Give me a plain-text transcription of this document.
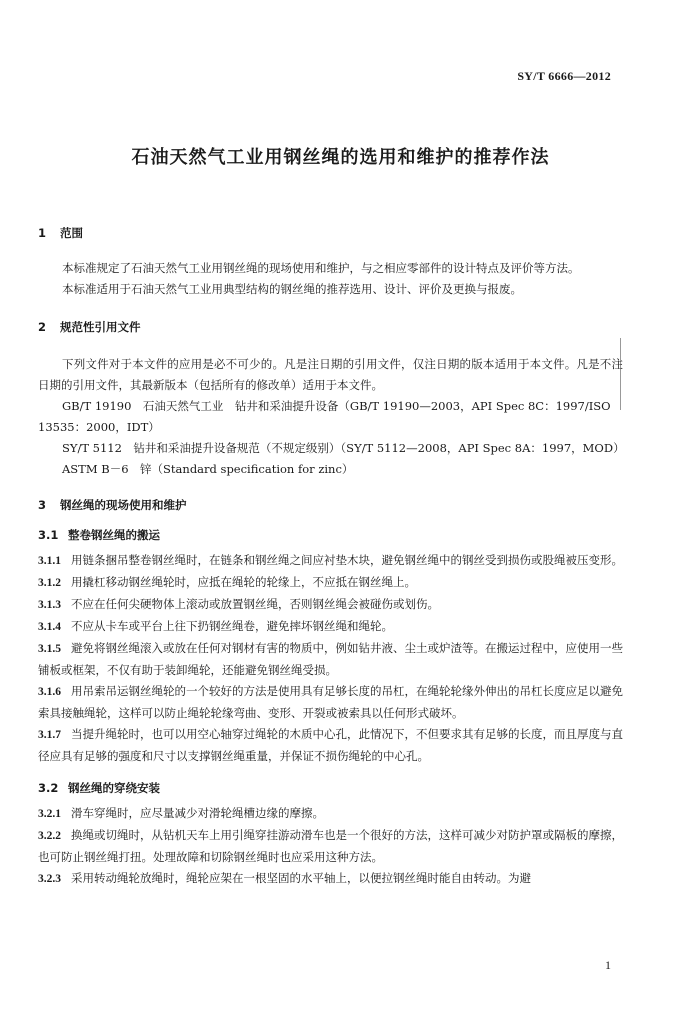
SY/T 6666—2012
石油天然气工业用钢丝绳的选用和维护的推荐作法
1 范围

本标准规定了石油天然气工业用钢丝绳的现场使用和维护，与之相应零部件的设计特点及评价等方法。

本标准适用于石油天然气工业用典型结构的钢丝绳的推荐选用、设计、评价及更换与报废。

2 规范性引用文件

下列文件对于本文件的应用是必不可少的。凡是注日期的引用文件，仅注日期的版本适用于本文件。凡是不注日期的引用文件，其最新版本（包括所有的修改单）适用于本文件。

GB/T 19190　石油天然气工业　钻井和采油提升设备（GB/T 19190—2003，API Spec 8C：1997/ISO 13535：2000，IDT）

SY/T 5112　钻井和采油提升设备规范（不规定级别）（SY/T 5112—2008，API Spec 8A：1997，MOD）

ASTM B－6　锌（Standard specification for zinc）

3 钢丝绳的现场使用和维护
3.1 整卷钢丝绳的搬运

3.1.1 用链条捆吊整卷钢丝绳时，在链条和钢丝绳之间应衬垫木块，避免钢丝绳中的钢丝受到损伤或股绳被压变形。

3.1.2 用撬杠移动钢丝绳轮时，应抵在绳轮的轮缘上，不应抵在钢丝绳上。

3.1.3 不应在任何尖硬物体上滚动或放置钢丝绳，否则钢丝绳会被碰伤或划伤。

3.1.4 不应从卡车或平台上往下扔钢丝绳卷，避免摔坏钢丝绳和绳轮。

3.1.5 避免将钢丝绳滚入或放在任何对钢材有害的物质中，例如钻井液、尘土或炉渣等。在搬运过程中，应使用一些铺板或框架，不仅有助于装卸绳轮，还能避免钢丝绳受损。

3.1.6 用吊索吊运钢丝绳轮的一个较好的方法是使用具有足够长度的吊杠，在绳轮轮缘外伸出的吊杠长度应足以避免索具接触绳轮，这样可以防止绳轮轮缘弯曲、变形、开裂或被索具以任何形式破坏。

3.1.7 当提升绳轮时，也可以用空心轴穿过绳轮的木质中心孔，此情况下，不但要求其有足够的长度，而且厚度与直径应具有足够的强度和尺寸以支撑钢丝绳重量，并保证不损伤绳轮的中心孔。

3.2 钢丝绳的穿绕安装

3.2.1 滑车穿绳时，应尽量减少对滑轮绳槽边缘的摩擦。

3.2.2 换绳或切绳时，从钻机天车上用引绳穿挂游动滑车也是一个很好的方法，这样可减少对防护罩或隔板的摩擦，也可防止钢丝绳打扭。处理故障和切除钢丝绳时也应采用这种方法。

3.2.3 采用转动绳轮放绳时，绳轮应架在一根坚固的水平轴上，以便拉钢丝绳时能自由转动。为避

1
